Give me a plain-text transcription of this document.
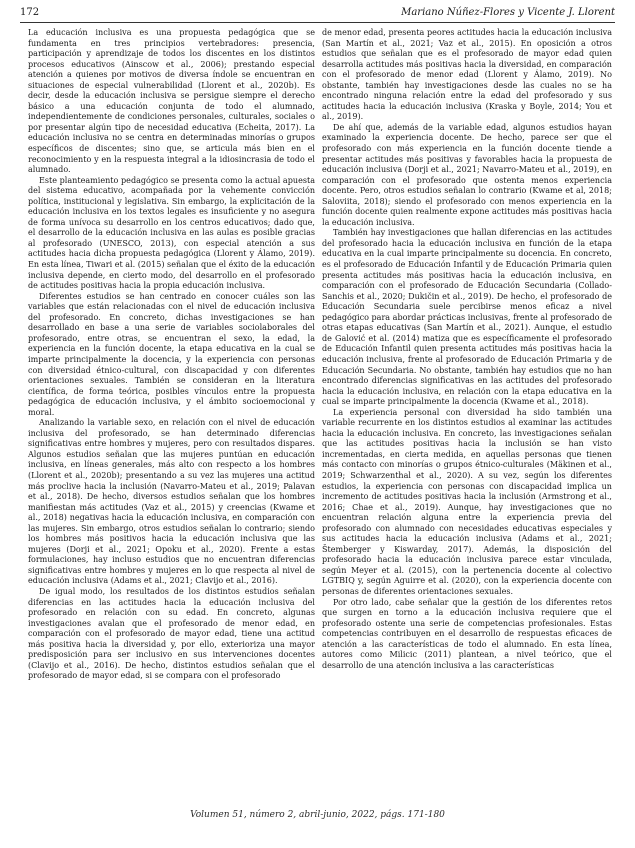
172	Mariano Núñez-Flores y Vicente J. Llorent

La educación inclusiva es una propuesta pedagógica que se fundamenta en tres principios vertebradores: presencia, participación y aprendizaje de todos los discentes en los distintos procesos educativos (Ainscow et al., 2006); prestando especial atención a quienes por motivos de diversa índole se encuentran en situaciones de especial vulnerabilidad (Llorent et al., 2020b). Es decir, desde la educación inclusiva se persigue siempre el derecho básico a una educación conjunta de todo el alumnado, independientemente de condiciones personales, culturales, sociales o por presentar algún tipo de necesidad educativa (Echeita, 2017). La educación inclusiva no se centra en determinadas minorías o grupos específicos de discentes; sino que, se articula más bien en el reconocimiento y en la respuesta integral a la idiosincrasia de todo el alumnado.

Este planteamiento pedagógico se presenta como la actual apuesta del sistema educativo, acompañada por la vehemente convicción política, institucional y legislativa. Sin embargo, la explicitación de la educación inclusiva en los textos legales es insuficiente y no asegura de forma unívoca su desarrollo en los centros educativos; dado que, el desarrollo de la educación inclusiva en las aulas es posible gracias al profesorado (UNESCO, 2013), con especial atención a sus actitudes hacia dicha propuesta pedagógica (Llorent y Álamo, 2019). En esta línea, Tiwari et al. (2015) señalan que el éxito de la educación inclusiva depende, en cierto modo, del desarrollo en el profesorado de actitudes positivas hacia la propia educación inclusiva.

Diferentes estudios se han centrado en conocer cuáles son las variables que están relacionadas con el nivel de educación inclusiva del profesorado. En concreto, dichas investigaciones se han desarrollado en base a una serie de variables sociolaborales del profesorado, entre otras, se encuentran el sexo, la edad, la experiencia en la función docente, la etapa educativa en la cual se imparte principalmente la docencia, y la experiencia con personas con diversidad étnico-cultural, con discapacidad y con diferentes orientaciones sexuales. También se consideran en la literatura científica, de forma teórica, posibles vínculos entre la propuesta pedagógica de educación inclusiva, y el ámbito socioemocional y moral.

Analizando la variable sexo, en relación con el nivel de educación inclusiva del profesorado, se han determinado diferencias significativas entre hombres y mujeres, pero con resultados dispares. Algunos estudios señalan que las mujeres puntúan en educación inclusiva, en líneas generales, más alto con respecto a los hombres (Llorent et al., 2020b); presentando a su vez las mujeres una actitud más proclive hacia la inclusión (Navarro-Mateu et al., 2019; Palavan et al., 2018). De hecho, diversos estudios señalan que los hombres manifiestan más actitudes (Vaz et al., 2015) y creencias (Kwame et al., 2018) negativas hacia la educación inclusiva, en comparación con las mujeres. Sin embargo, otros estudios señalan lo contrario; siendo los hombres más positivos hacia la educación inclusiva que las mujeres (Dorji et al., 2021; Opoku et al., 2020). Frente a estas formulaciones, hay incluso estudios que no encuentran diferencias significativas entre hombres y mujeres en lo que respecta al nivel de educación inclusiva (Adams et al., 2021; Clavijo et al., 2016).

De igual modo, los resultados de los distintos estudios señalan diferencias en las actitudes hacia la educación inclusiva del profesorado en relación con su edad. En concreto, algunas investigaciones avalan que el profesorado de menor edad, en comparación con el profesorado de mayor edad, tiene una actitud más positiva hacia la diversidad y, por ello, exterioriza una mayor predisposición para ser inclusivo en sus intervenciones docentes (Clavijo et al., 2016). De hecho, distintos estudios señalan que el profesorado de mayor edad, si se compara con el profesorado

de menor edad, presenta peores actitudes hacia la educación inclusiva (San Martín et al., 2021; Vaz et al., 2015). En oposición a otros estudios que señalan que es el profesorado de mayor edad quien desarrolla actitudes más positivas hacia la diversidad, en comparación con el profesorado de menor edad (Llorent y Álamo, 2019). No obstante, también hay investigaciones desde las cuales no se ha encontrado ninguna relación entre la edad del profesorado y sus actitudes hacia la educación inclusiva (Kraska y Boyle, 2014; You et al., 2019).

De ahí que, además de la variable edad, algunos estudios hayan examinado la experiencia docente. De hecho, parece ser que el profesorado con más experiencia en la función docente tiende a presentar actitudes más positivas y favorables hacia la propuesta de educación inclusiva (Dorji et al., 2021; Navarro-Mateu et al., 2019), en comparación con el profesorado que ostenta menos experiencia docente. Pero, otros estudios señalan lo contrario (Kwame et al, 2018; Saloviita, 2018); siendo el profesorado con menos experiencia en la función docente quien realmente expone actitudes más positivas hacia la educación inclusiva.

También hay investigaciones que hallan diferencias en las actitudes del profesorado hacia la educación inclusiva en función de la etapa educativa en la cual imparte principalmente su docencia. En concreto, es el profesorado de Educación Infantil y de Educación Primaria quien presenta actitudes más positivas hacia la educación inclusiva, en comparación con el profesorado de Educación Secundaria (Collado-Sanchis et al., 2020; Dukičin et al., 2019). De hecho, el profesorado de Educación Secundaria suele percibirse menos eficaz a nivel pedagógico para abordar prácticas inclusivas, frente al profesorado de otras etapas educativas (San Martín et al., 2021). Aunque, el estudio de Galović et al. (2014) matiza que es específicamente el profesorado de Educación Infantil quien presenta actitudes más positivas hacia la educación inclusiva, frente al profesorado de Educación Primaria y de Educación Secundaria. No obstante, también hay estudios que no han encontrado diferencias significativas en las actitudes del profesorado hacia la educación inclusiva, en relación con la etapa educativa en la cual se imparte principalmente la docencia (Kwame et al., 2018).

La experiencia personal con diversidad ha sido también una variable recurrente en los distintos estudios al examinar las actitudes hacia la educación inclusiva. En concreto, las investigaciones señalan que las actitudes positivas hacia la inclusión se han visto incrementadas, en cierta medida, en aquellas personas que tienen más contacto con minorías o grupos étnico-culturales (Mäkinen et al., 2019; Schwarzenthal et al., 2020). A su vez, según los diferentes estudios, la experiencia con personas con discapacidad implica un incremento de actitudes positivas hacia la inclusión (Armstrong et al., 2016; Chae et al., 2019). Aunque, hay investigaciones que no encuentran relación alguna entre la experiencia previa del profesorado con alumnado con necesidades educativas especiales y sus actitudes hacia la educación inclusiva (Adams et al., 2021; Štemberger y Kiswarday, 2017). Además, la disposición del profesorado hacia la educación inclusiva parece estar vinculada, según Meyer et al. (2015), con la pertenencia docente al colectivo LGTBIQ y, según Aguirre et al. (2020), con la experiencia docente con personas de diferentes orientaciones sexuales.

Por otro lado, cabe señalar que la gestión de los diferentes retos que surgen en torno a la educación inclusiva requiere que el profesorado ostente una serie de competencias profesionales. Estas competencias contribuyen en el desarrollo de respuestas eficaces de atención a las características de todo el alumnado. En esta línea, autores como Milicic (2011) plantean, a nivel teórico, que el desarrollo de una atención inclusiva a las características

Volumen 51, número 2, abril-junio, 2022, págs. 171-180
